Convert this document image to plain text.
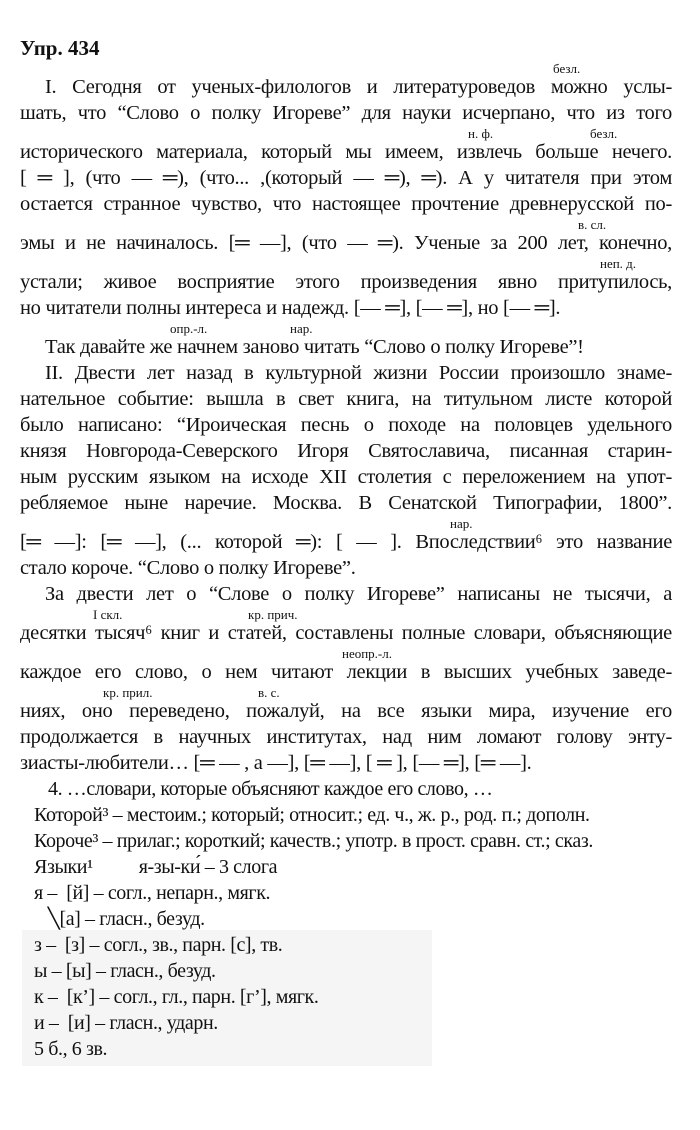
Упр. 434
I. Сегодня от ученых-филологов и литературоведов можно услы-
шать, что “Слово о полку Игореве” для науки исчерпано, что из того
исторического материала, который мы имеем, извлечь больше нечего.
[ ═ ], (что — ═), (что... ,(который — ═), ═). А у читателя при этом
остается странное чувство, что настоящее прочтение древнерусской по-
эмы и не начиналось. [═ —], (что — ═). Ученые за 200 лет, конечно,
устали; живое восприятие этого произведения явно притупилось,
но читатели полны интереса и надежд. [— ═], [— ═], но [— ═].
Так давайте же начнем заново читать “Слово о полку Игореве”!
II. Двести лет назад в культурной жизни России произошло знаме-
нательное событие: вышла в свет книга, на титульном листе которой
было написано: “Ироическая песнь о походе на половцев удельного
князя Новгорода-Северского Игоря Святославича, писанная старин-
ным русским языком на исходе XII столетия с переложением на упот-
ребляемое ныне наречие. Москва. В Сенатской Типографии, 1800”.
[═ —]: [═ —], (... которой ═): [ — ]. Впоследствии⁶ это название
стало короче. “Слово о полку Игореве”.
За двести лет о “Слове о полку Игореве” написаны не тысячи, а
десятки тысяч⁶ книг и статей, составлены полные словари, объясняющие
каждое его слово, о нем читают лекции в высших учебных заведе-
ниях, оно переведено, пожалуй, на все языки мира, изучение его
продолжается в научных институтах, над ним ломают голову энту-
зиасты-любители… [═ — , а —], [═ —], [ ═ ], [— ═], [═ —].
безл.
н. ф.	безл.
в. сл.
неп. д.
опр.-л.	нар.
нар.
I скл.	кр. прич.
неопр.-л.
кр. прил.	в. с.
4. …словари, которые объясняют каждое его слово, …
Которой³ – местоим.; который; относит.; ед. ч., ж. р., род. п.; дополн.
Короче³ – прилаг.; короткий; качеств.; употр. в прост. сравн. ст.; сказ.
Языки¹          я-зы-ки́ – 3 слога
я –  [й] – согл., непарн., мягк.
╲[а] – гласн., безуд.
з –  [з] – согл., зв., парн. [с], тв.
ы – [ы] – гласн., безуд.
к –  [к’] – согл., гл., парн. [г’], мягк.
и –  [и] – гласн., ударн.
5 б., 6 зв.
